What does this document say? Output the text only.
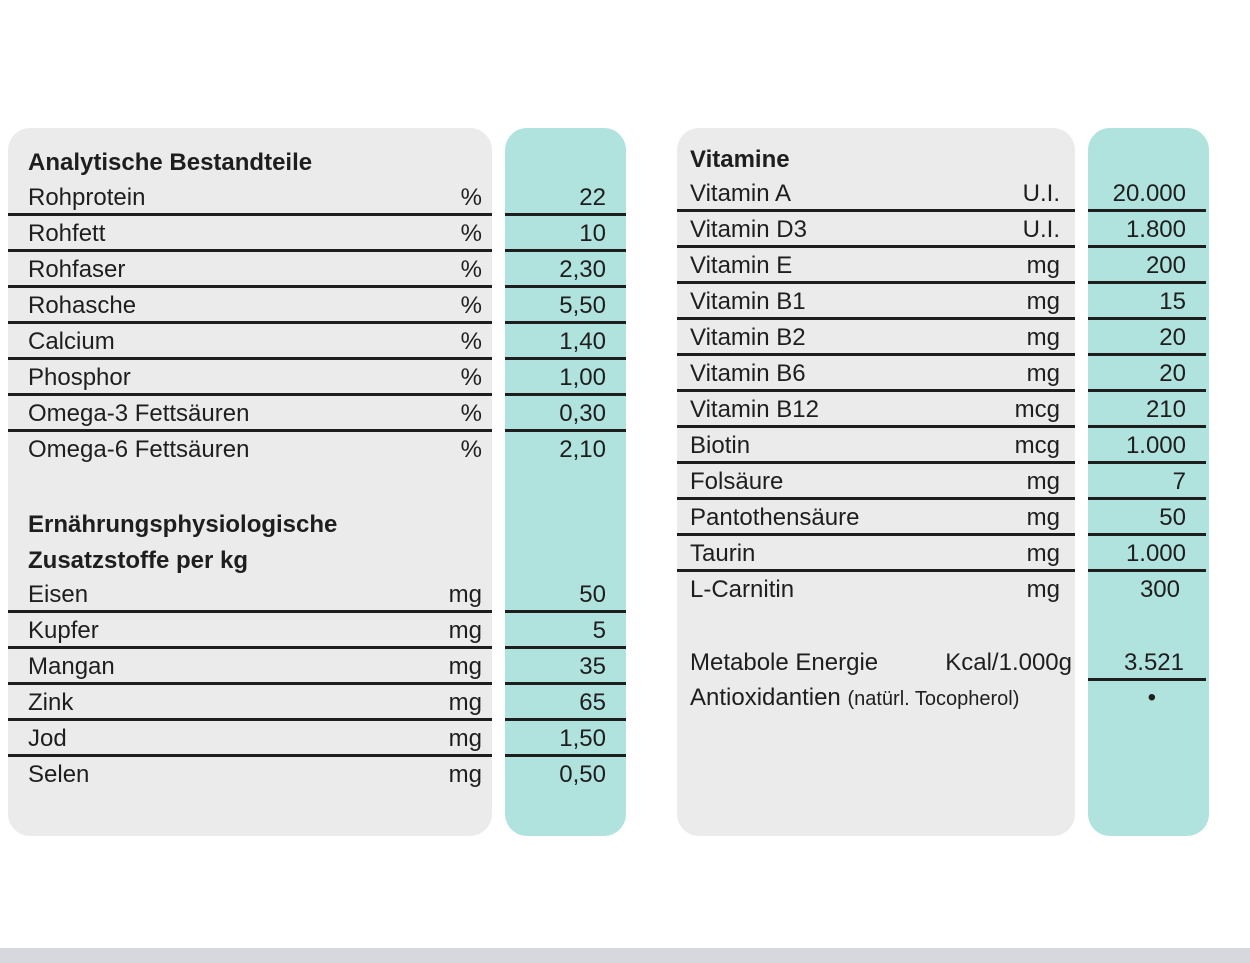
Analytische Bestandteile
Rohprotein	%	22
Rohfett	%	10
Rohfaser	%	2,30
Rohasche	%	5,50
Calcium	%	1,40
Phosphor	%	1,00
Omega-3 Fettsäuren	%	0,30
Omega-6 Fettsäuren	%	2,10
Ernährungsphysiologische
Zusatzstoffe per kg
Eisen	mg	50
Kupfer	mg	5
Mangan	mg	35
Zink	mg	65
Jod	mg	1,50
Selen	mg	0,50
Vitamine
Vitamin A	U.I. 20.000
Vitamin D3	U.I.	1.800
Vitamin E	mg	200
Vitamin B1	mg	15
Vitamin B2	mg	20
Vitamin B6	mg	20
Vitamin B12	mcg	210
Biotin	mcg	1.000
Folsäure	mg	7
Pantothensäure	mg	50
Taurin	mg	1.000
L-Carnitin	mg	300
Metabole Energie	Kcal/1.000g 3.521
Antioxidantien (natürl. Tocopherol)	•
